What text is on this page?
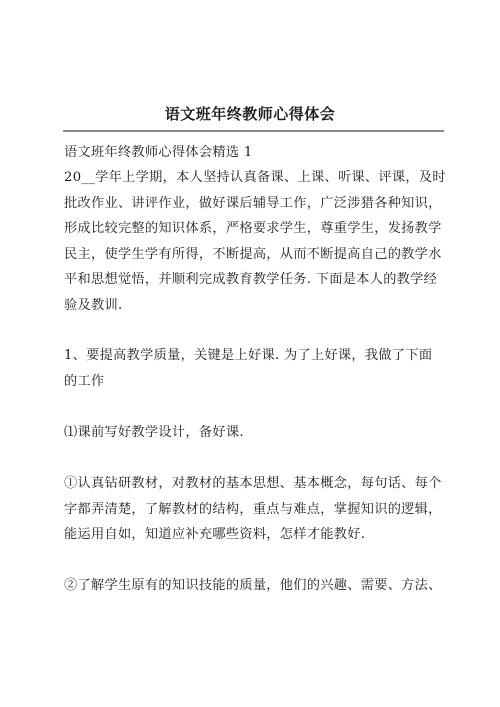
语文班年终教师心得体会
语文班年终教师心得体会精选 1
20__学年上学期，本人坚持认真备课、上课、听课、评课，及时
批改作业、讲评作业，做好课后辅导工作，广泛涉猎各种知识，
形成比较完整的知识体系，严格要求学生，尊重学生，发扬教学
民主，使学生学有所得，不断提高，从而不断提高自己的教学水
平和思想觉悟，并顺利完成教育教学任务. 下面是本人的教学经
验及教训.
1、要提高教学质量，关键是上好课. 为了上好课，我做了下面
的工作
⑴课前写好教学设计，备好课.
①认真钻研教材，对教材的基本思想、基本概念，每句话、每个
字都弄清楚，了解教材的结构，重点与难点，掌握知识的逻辑，
能运用自如，知道应补充哪些资料，怎样才能教好.
②了解学生原有的知识技能的质量，他们的兴趣、需要、方法、
